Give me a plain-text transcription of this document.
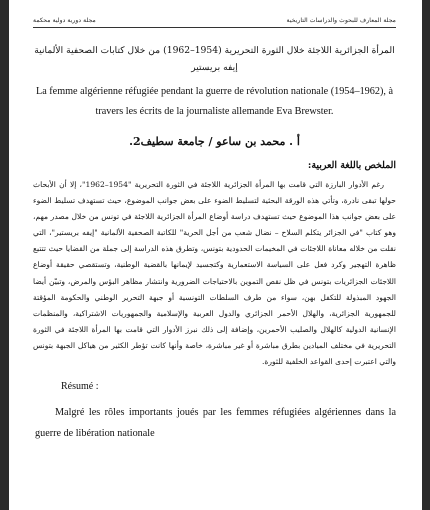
مجلة المعارف للبحوث والدراسات التاريخية
مجلة دورية دولية محكمة
المرأة الجزائرية اللاجئة خلال الثورة التحريرية (1954–1962) من خلال كتابات الصحفية الألمانية إيفه بريستير
La femme algérienne réfugiée pendant la guerre de révolution nationale (1954–1962), à travers les écrits de la journaliste allemande Eva Brewster.
أ . محمد بن ساعو / جامعة سطيف2.
الملخص باللغة العربية:

رغم الأدوار البارزة التي قامت بها المرأة الجزائرية اللاجئة في الثورة التحريرية "1954–1962"، إلا أن الأبحاث حولها تبقى نادرة، وتأتي هذه الورقة البحثية لتسليط الضوء على بعض جوانب الموضوع، حيث تستهدف تسليط الضوء على بعض جوانب هذا الموضوع حيث تستهدف دراسة أوضاع المرأة الجزائرية اللاجئة في تونس من خلال مصدر مهم، وهو كتاب "في الجزائر يتكلم السلاح – نضال شعب من أجل الحرية" للكاتبة الصحفية الألمانية "إيفه بريستير"، التي نقلت من خلاله معاناة اللاجئات في المخيمات الحدودية بتونس، وتطرق هذه الدراسة إلى جملة من القضايا حيث تتتبع ظاهرة التهجير وكرد فعل على السياسة الاستعمارية وكتجسيد لإيمانها بالقضية الوطنية، وتستقصي حقيقة أوضاع اللاجئات الجزائريات بتونس في ظل نقص التموين بالاحتياجات الضرورية وانتشار مظاهر البؤس والمرض، وتبيّن أيضا الجهود المبذولة للتكفل بهن، سواء من طرف السلطات التونسية أو جبهة التحرير الوطني والحكومة المؤقتة للجمهورية الجزائرية، والهلال الأحمر الجزائري والدول العربية والإسلامية والجمهوريات الاشتراكية، والمنظمات الإنسانية الدولية كالهلال والصليب الأحمرين، وإضافة إلى ذلك نبرز الأدوار التي قامت بها المرأة اللاجئة في الثورة التحريرية في مختلف الميادين بطرق مباشرة أو غير مباشرة، خاصة وأنها كانت تؤطر الكثير من هياكل الجبهة بتونس والتي اعتبرت إحدى القواعد الخلفية للثورة.

Résumé :

Malgré les rôles importants joués par les femmes réfugiées algériennes dans la guerre de libération nationale
